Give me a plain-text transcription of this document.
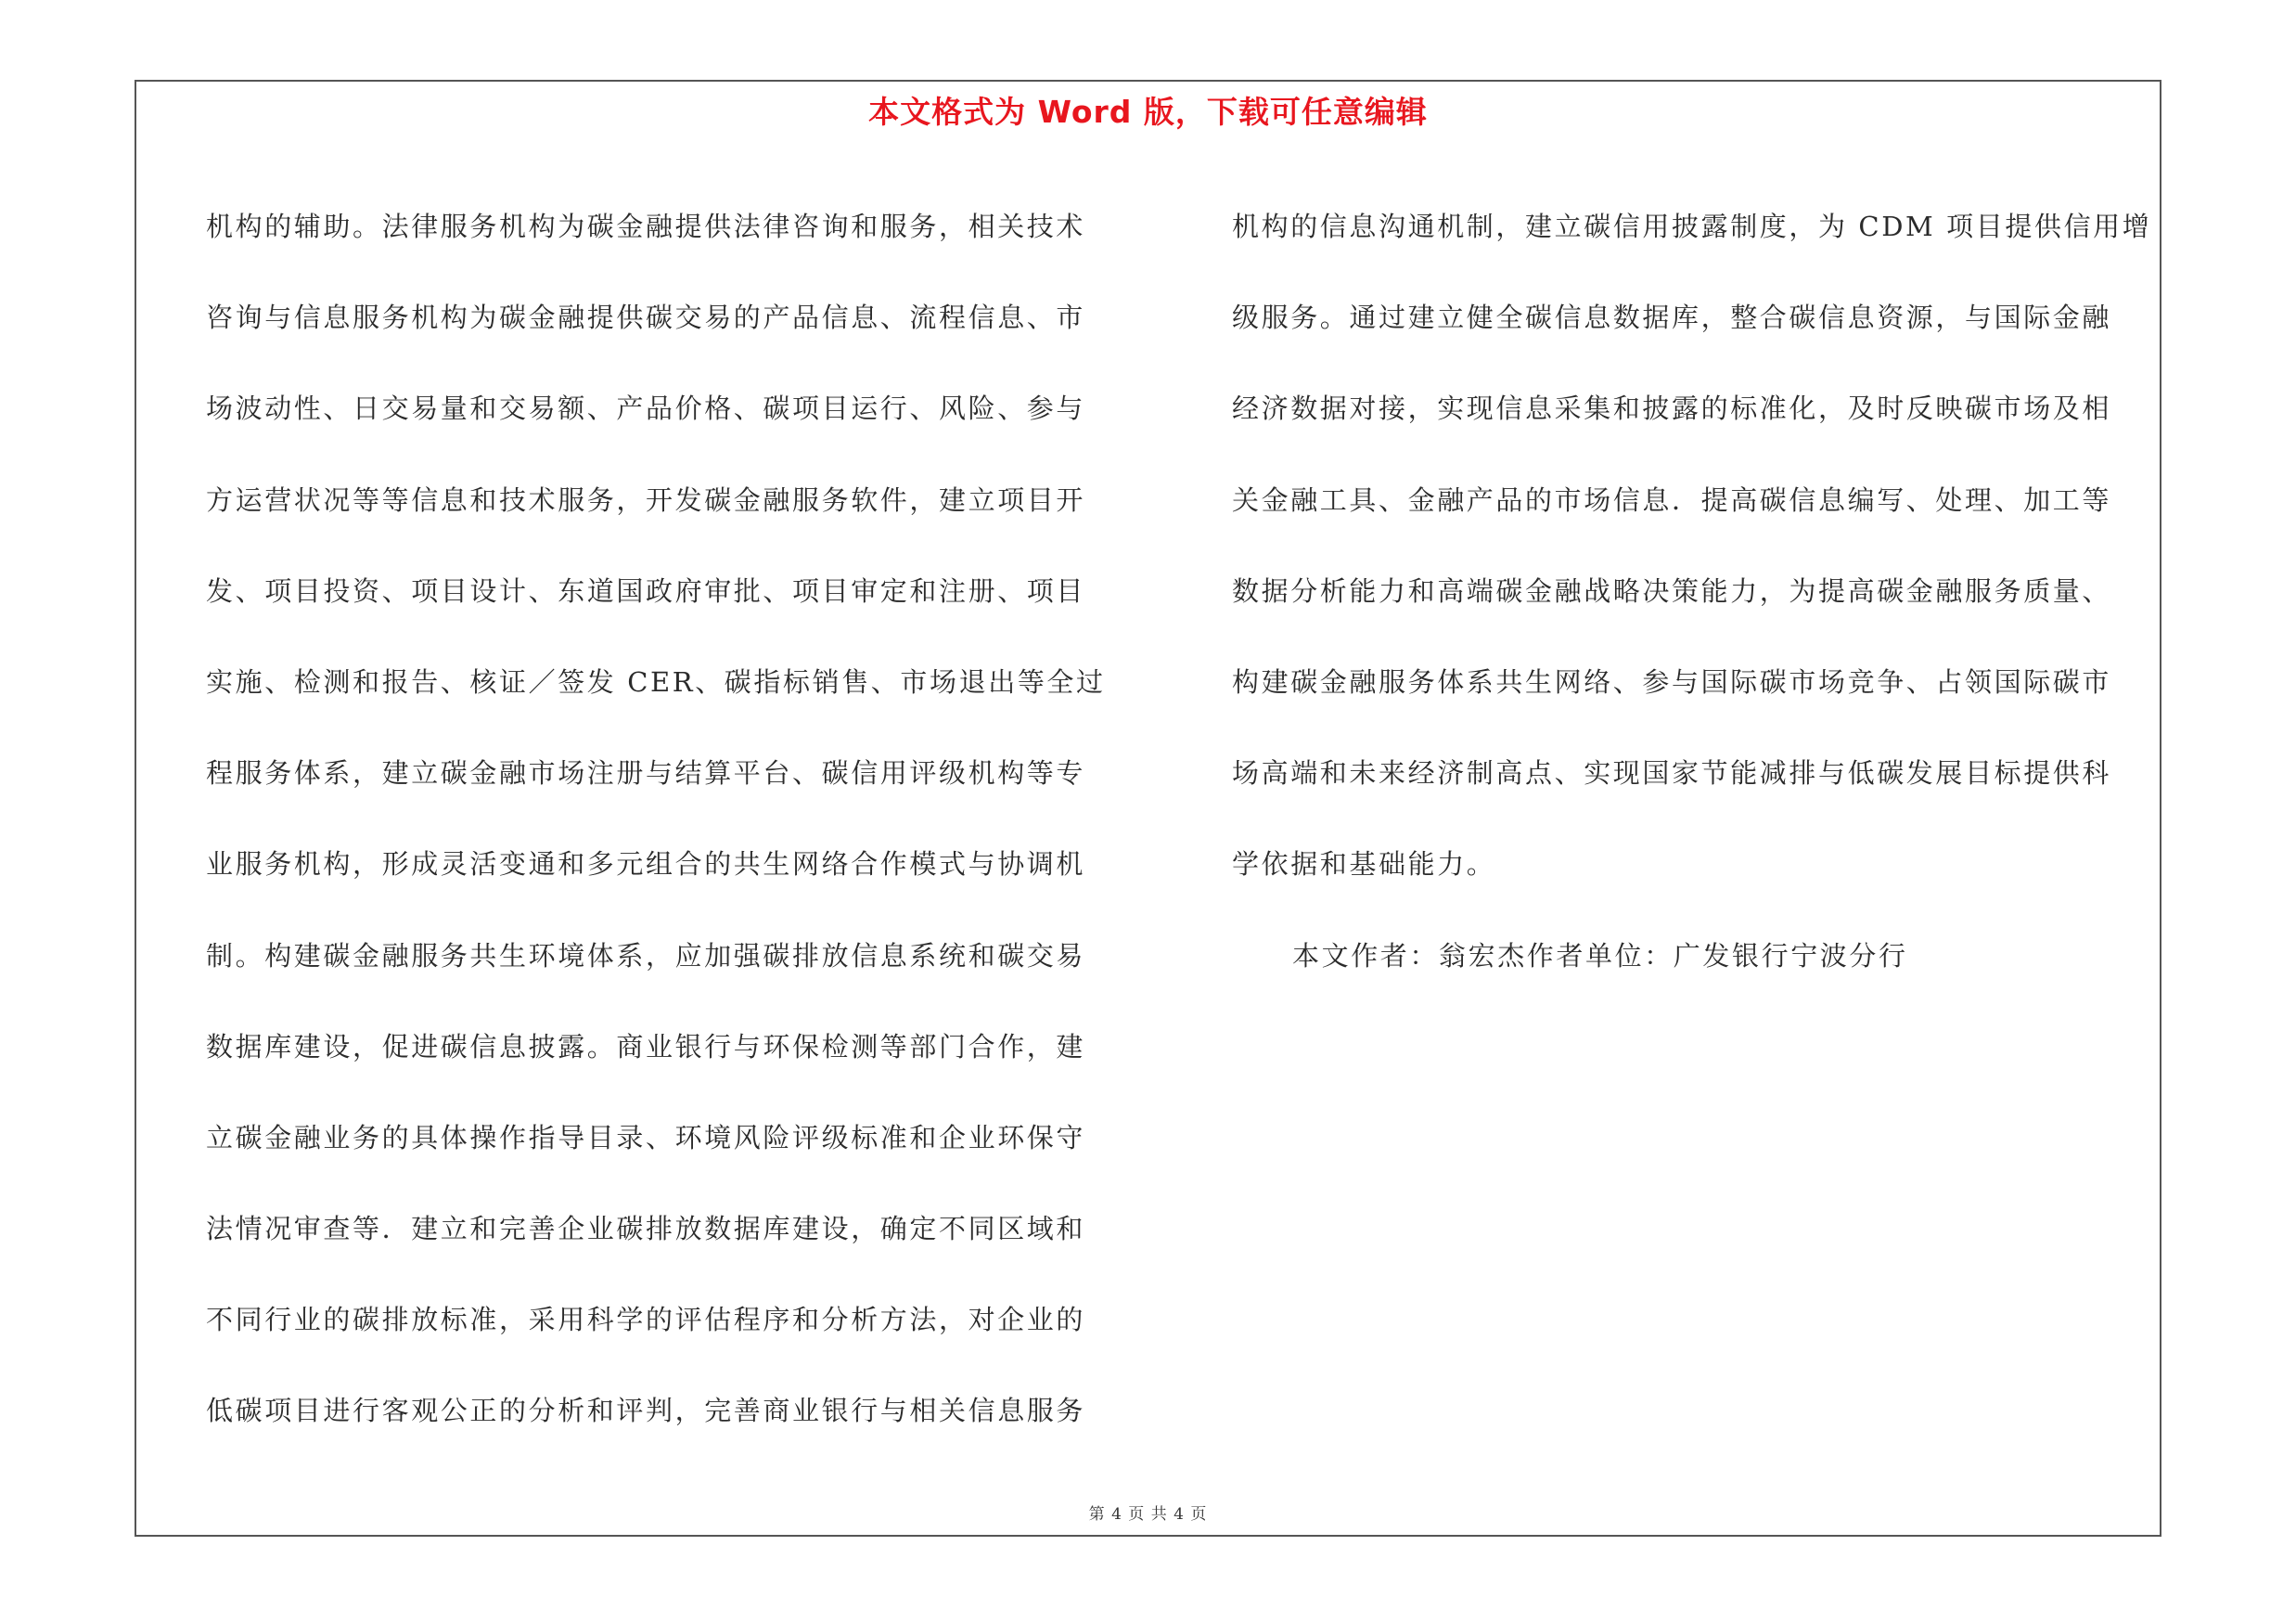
本文格式为 Word 版，下载可任意编辑
机构的辅助。法律服务机构为碳金融提供法律咨询和服务，相关技术
咨询与信息服务机构为碳金融提供碳交易的产品信息、流程信息、市
场波动性、日交易量和交易额、产品价格、碳项目运行、风险、参与
方运营状况等等信息和技术服务，开发碳金融服务软件，建立项目开
发、项目投资、项目设计、东道国政府审批、项目审定和注册、项目
实施、检测和报告、核证／签发 CER、碳指标销售、市场退出等全过
程服务体系，建立碳金融市场注册与结算平台、碳信用评级机构等专
业服务机构，形成灵活变通和多元组合的共生网络合作模式与协调机
制。构建碳金融服务共生环境体系，应加强碳排放信息系统和碳交易
数据库建设，促进碳信息披露。商业银行与环保检测等部门合作，建
立碳金融业务的具体操作指导目录、环境风险评级标准和企业环保守
法情况审查等．建立和完善企业碳排放数据库建设，确定不同区域和
不同行业的碳排放标准，采用科学的评估程序和分析方法，对企业的
低碳项目进行客观公正的分析和评判，完善商业银行与相关信息服务
机构的信息沟通机制，建立碳信用披露制度，为 CDM 项目提供信用增
级服务。通过建立健全碳信息数据库，整合碳信息资源，与国际金融
经济数据对接，实现信息采集和披露的标准化，及时反映碳市场及相
关金融工具、金融产品的市场信息．提高碳信息编写、处理、加工等
数据分析能力和高端碳金融战略决策能力，为提高碳金融服务质量、
构建碳金融服务体系共生网络、参与国际碳市场竞争、占领国际碳市
场高端和未来经济制高点、实现国家节能减排与低碳发展目标提供科
学依据和基础能力。
本文作者：翁宏杰作者单位：广发银行宁波分行
第 4 页 共 4 页
